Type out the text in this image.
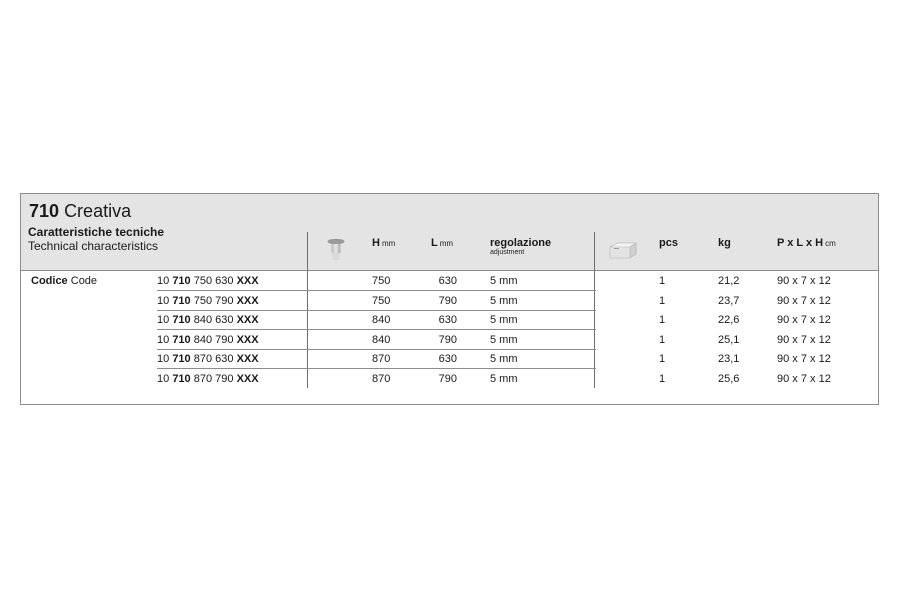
710 Creativa
Caratteristiche tecniche
Technical characteristics	H mm	L mm	regolazione
adjustment
pcs	kg	P x L x H cm
Codice Code	10 710 750 630 XXX	750	630	5 mm	1	21,2	90 x 7 x 12
10 710 750 790 XXX	750	790	5 mm	1	23,7	90 x 7 x 12
10 710 840 630 XXX	840	630	5 mm	1	22,6	90 x 7 x 12
10 710 840 790 XXX	840	790	5 mm	1	25,1	90 x 7 x 12
10 710 870 630 XXX	870	630	5 mm	1	23,1	90 x 7 x 12
10 710 870 790 XXX	870	790	5 mm	1	25,6	90 x 7 x 12
